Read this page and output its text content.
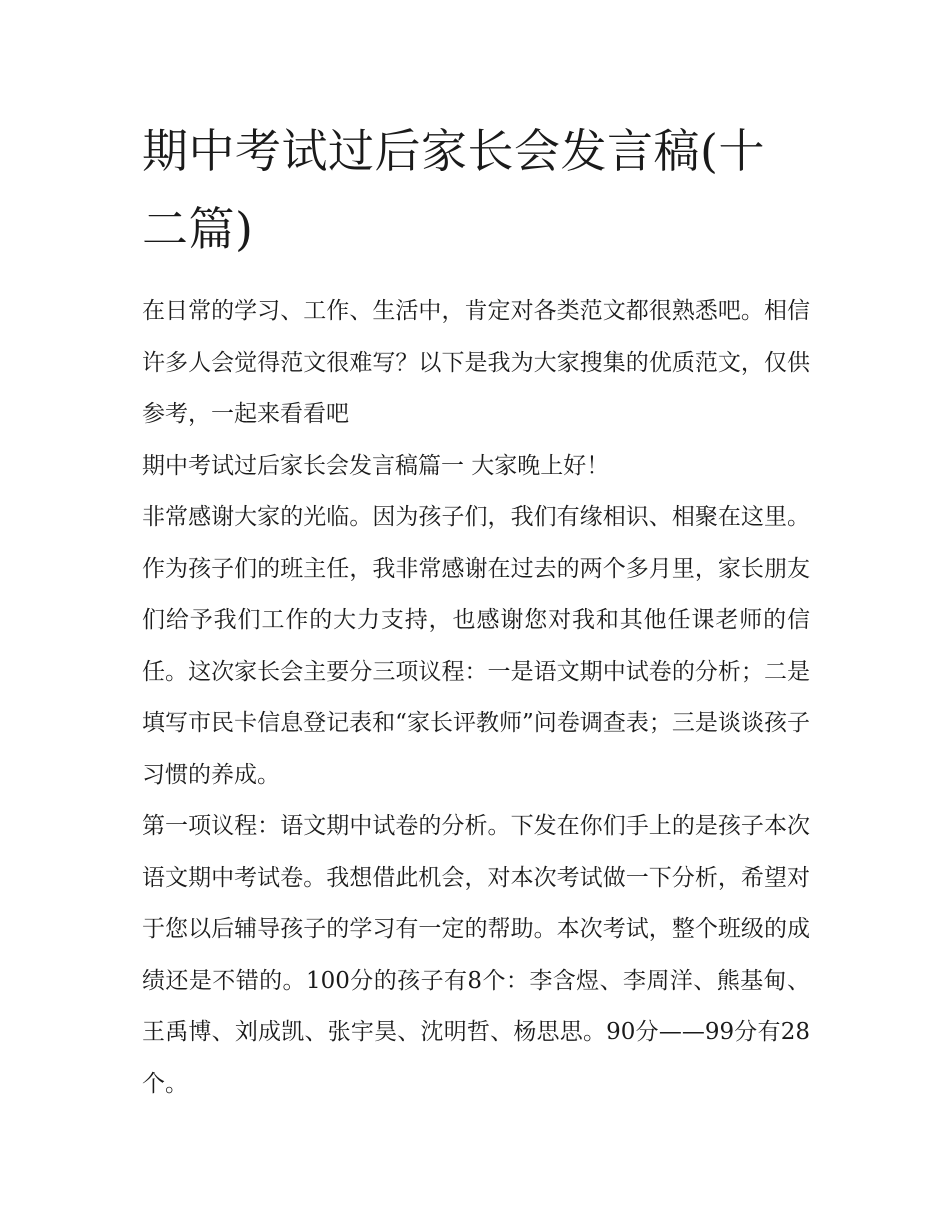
期中考试过后家长会发言稿(十二篇)

在日常的学习、工作、生活中，肯定对各类范文都很熟悉吧。相信许多人会觉得范文很难写？以下是我为大家搜集的优质范文，仅供参考，一起来看看吧

期中考试过后家长会发言稿篇一 大家晚上好！

非常感谢大家的光临。因为孩子们，我们有缘相识、相聚在这里。作为孩子们的班主任，我非常感谢在过去的两个多月里，家长朋友们给予我们工作的大力支持，也感谢您对我和其他任课老师的信任。这次家长会主要分三项议程：一是语文期中试卷的分析；二是填写市民卡信息登记表和“家长评教师”问卷调查表；三是谈谈孩子习惯的养成。

第一项议程：语文期中试卷的分析。下发在你们手上的是孩子本次语文期中考试卷。我想借此机会，对本次考试做一下分析，希望对于您以后辅导孩子的学习有一定的帮助。本次考试，整个班级的成绩还是不错的。100分的孩子有8个：李含煜、李周洋、熊基甸、王禹博、刘成凯、张宇昊、沈明哲、杨思思。90分——99分有28个。
